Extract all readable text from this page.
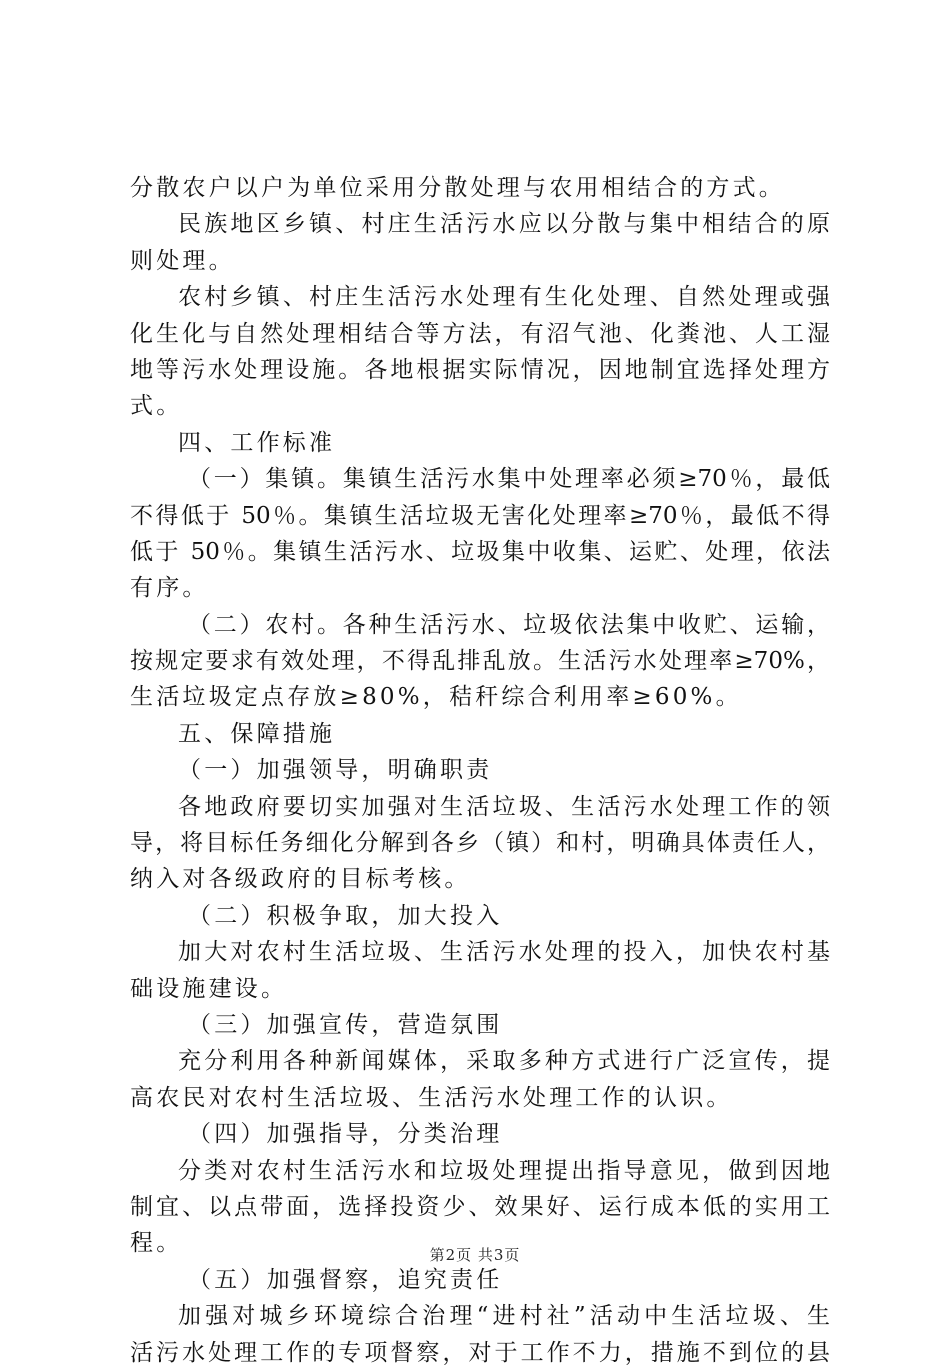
分散农户以户为单位采用分散处理与农用相结合的方式。
民族地区乡镇、村庄生活污水应以分散与集中相结合的原
则处理。
农村乡镇、村庄生活污水处理有生化处理、自然处理或强
化生化与自然处理相结合等方法，有沼气池、化粪池、人工湿
地等污水处理设施。各地根据实际情况，因地制宜选择处理方
式。
四、工作标准
（一）集镇。集镇生活污水集中处理率必须≥70％，最低
不得低于 50％。集镇生活垃圾无害化处理率≥70％，最低不得
低于 50％。集镇生活污水、垃圾集中收集、运贮、处理，依法
有序。
（二）农村。各种生活污水、垃圾依法集中收贮、运输，
按规定要求有效处理，不得乱排乱放。生活污水处理率≥70%，
生活垃圾定点存放≥80%，秸秆综合利用率≥60%。
五、保障措施
（一）加强领导，明确职责
各地政府要切实加强对生活垃圾、生活污水处理工作的领
导，将目标任务细化分解到各乡（镇）和村，明确具体责任人，
纳入对各级政府的目标考核。
（二）积极争取，加大投入
加大对农村生活垃圾、生活污水处理的投入，加快农村基
础设施建设。
（三）加强宣传，营造氛围
充分利用各种新闻媒体，采取多种方式进行广泛宣传，提
高农民对农村生活垃圾、生活污水处理工作的认识。
（四）加强指导，分类治理
分类对农村生活污水和垃圾处理提出指导意见，做到因地
制宜、以点带面，选择投资少、效果好、运行成本低的实用工
程。
（五）加强督察，追究责任
加强对城乡环境综合治理“进村社”活动中生活垃圾、生
活污水处理工作的专项督察，对于工作不力，措施不到位的县
第2页 共3页
